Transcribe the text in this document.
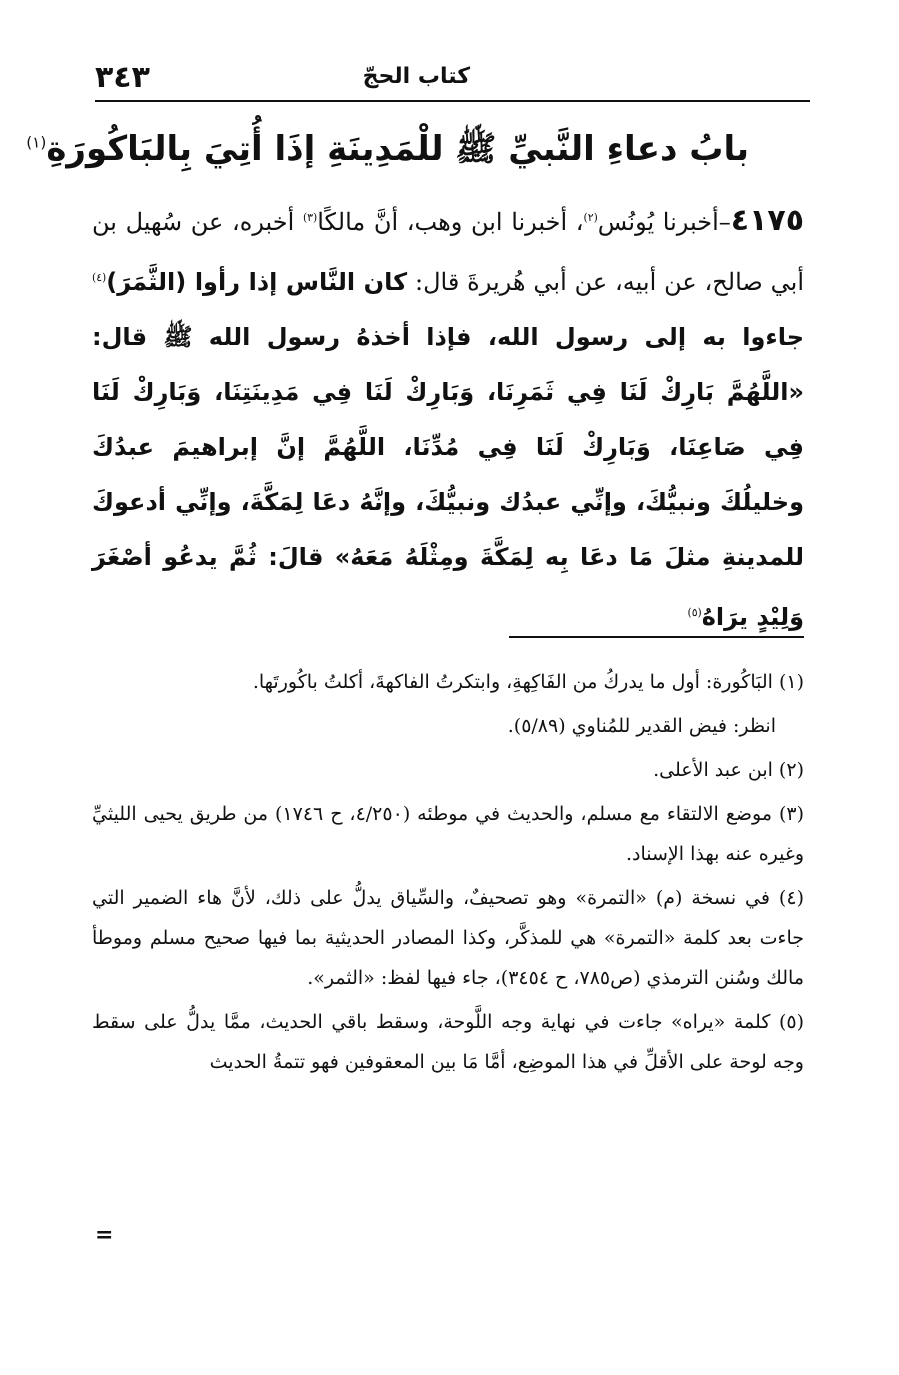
كتاب الحجّ
٣٤٣
بابُ دعاءِ النَّبيِّ ﷺ للْمَدِينَةِ إذَا أُتِيَ بِالبَاكُورَةِ$^{(١)}$
٤١٧٥–أخبرنا يُونُس$^{(٢)}$، أخبرنا ابن وهب، أنَّ مالكًا$^{(٣)}$ أخبره، عن سُهيل بن أبي صالح، عن أبيه، عن أبي هُريرةَ قال: كان النَّاس إذا رأوا (الثَّمَرَ)$^{(٤)}$ جاءوا به إلى رسول الله، فإذا أخذهُ رسول الله ﷺ قال: «اللَّهُمَّ بَارِكْ لَنَا فِي ثَمَرِنَا، وَبَارِكْ لَنَا فِي مَدِينَتِنَا، وَبَارِكْ لَنَا فِي صَاعِنَا، وَبَارِكْ لَنَا فِي مُدِّنَا، اللَّهُمَّ إنَّ إبراهيمَ عبدُكَ وخليلُكَ ونبيُّكَ، وإنِّي عبدُك ونبيُّكَ، وإنَّهُ دعَا لِمَكَّةَ، وإنِّي أدعوكَ للمدينةِ مثلَ مَا دعَا بِه لِمَكَّةَ ومِثْلَهُ مَعَهُ» قالَ: ثُمَّ يدعُو أصْغَرَ وَلِيْدٍ يرَاهُ$^{(٥)}$
(١) البَاكُورة: أول ما يدركُ من الفَاكِهةِ، وابتكرتُ الفاكهةَ، أكلتُ باكُورتَها.
انظر: فيض القدير للمُناوي (٥/٨٩).
(٢) ابن عبد الأعلى.
(٣) موضع الالتقاء مع مسلم، والحديث في موطئه (٤/٢٥٠، ح ١٧٤٦) من طريق يحيى الليثيِّ وغيره عنه بهذا الإسناد.
(٤) في نسخة (م) «التمرة» وهو تصحيفٌ، والسِّياق يدلُّ على ذلك، لأنَّ هاء الضمير التي جاءت بعد كلمة «التمرة» هي للمذكَّر، وكذا المصادر الحديثية بما فيها صحيح مسلم وموطأ مالك وسُنن الترمذي (ص٧٨٥، ح ٣٤٥٤)، جاء فيها لفظ: «الثمر».
(٥) كلمة «يراه» جاءت في نهاية وجه اللَّوحة، وسقط باقي الحديث، ممَّا يدلُّ على سقط وجه لوحة على الأقلِّ في هذا الموضِع، أمَّا مَا بين المعقوفين فهو تتمةُ الحديث
=
